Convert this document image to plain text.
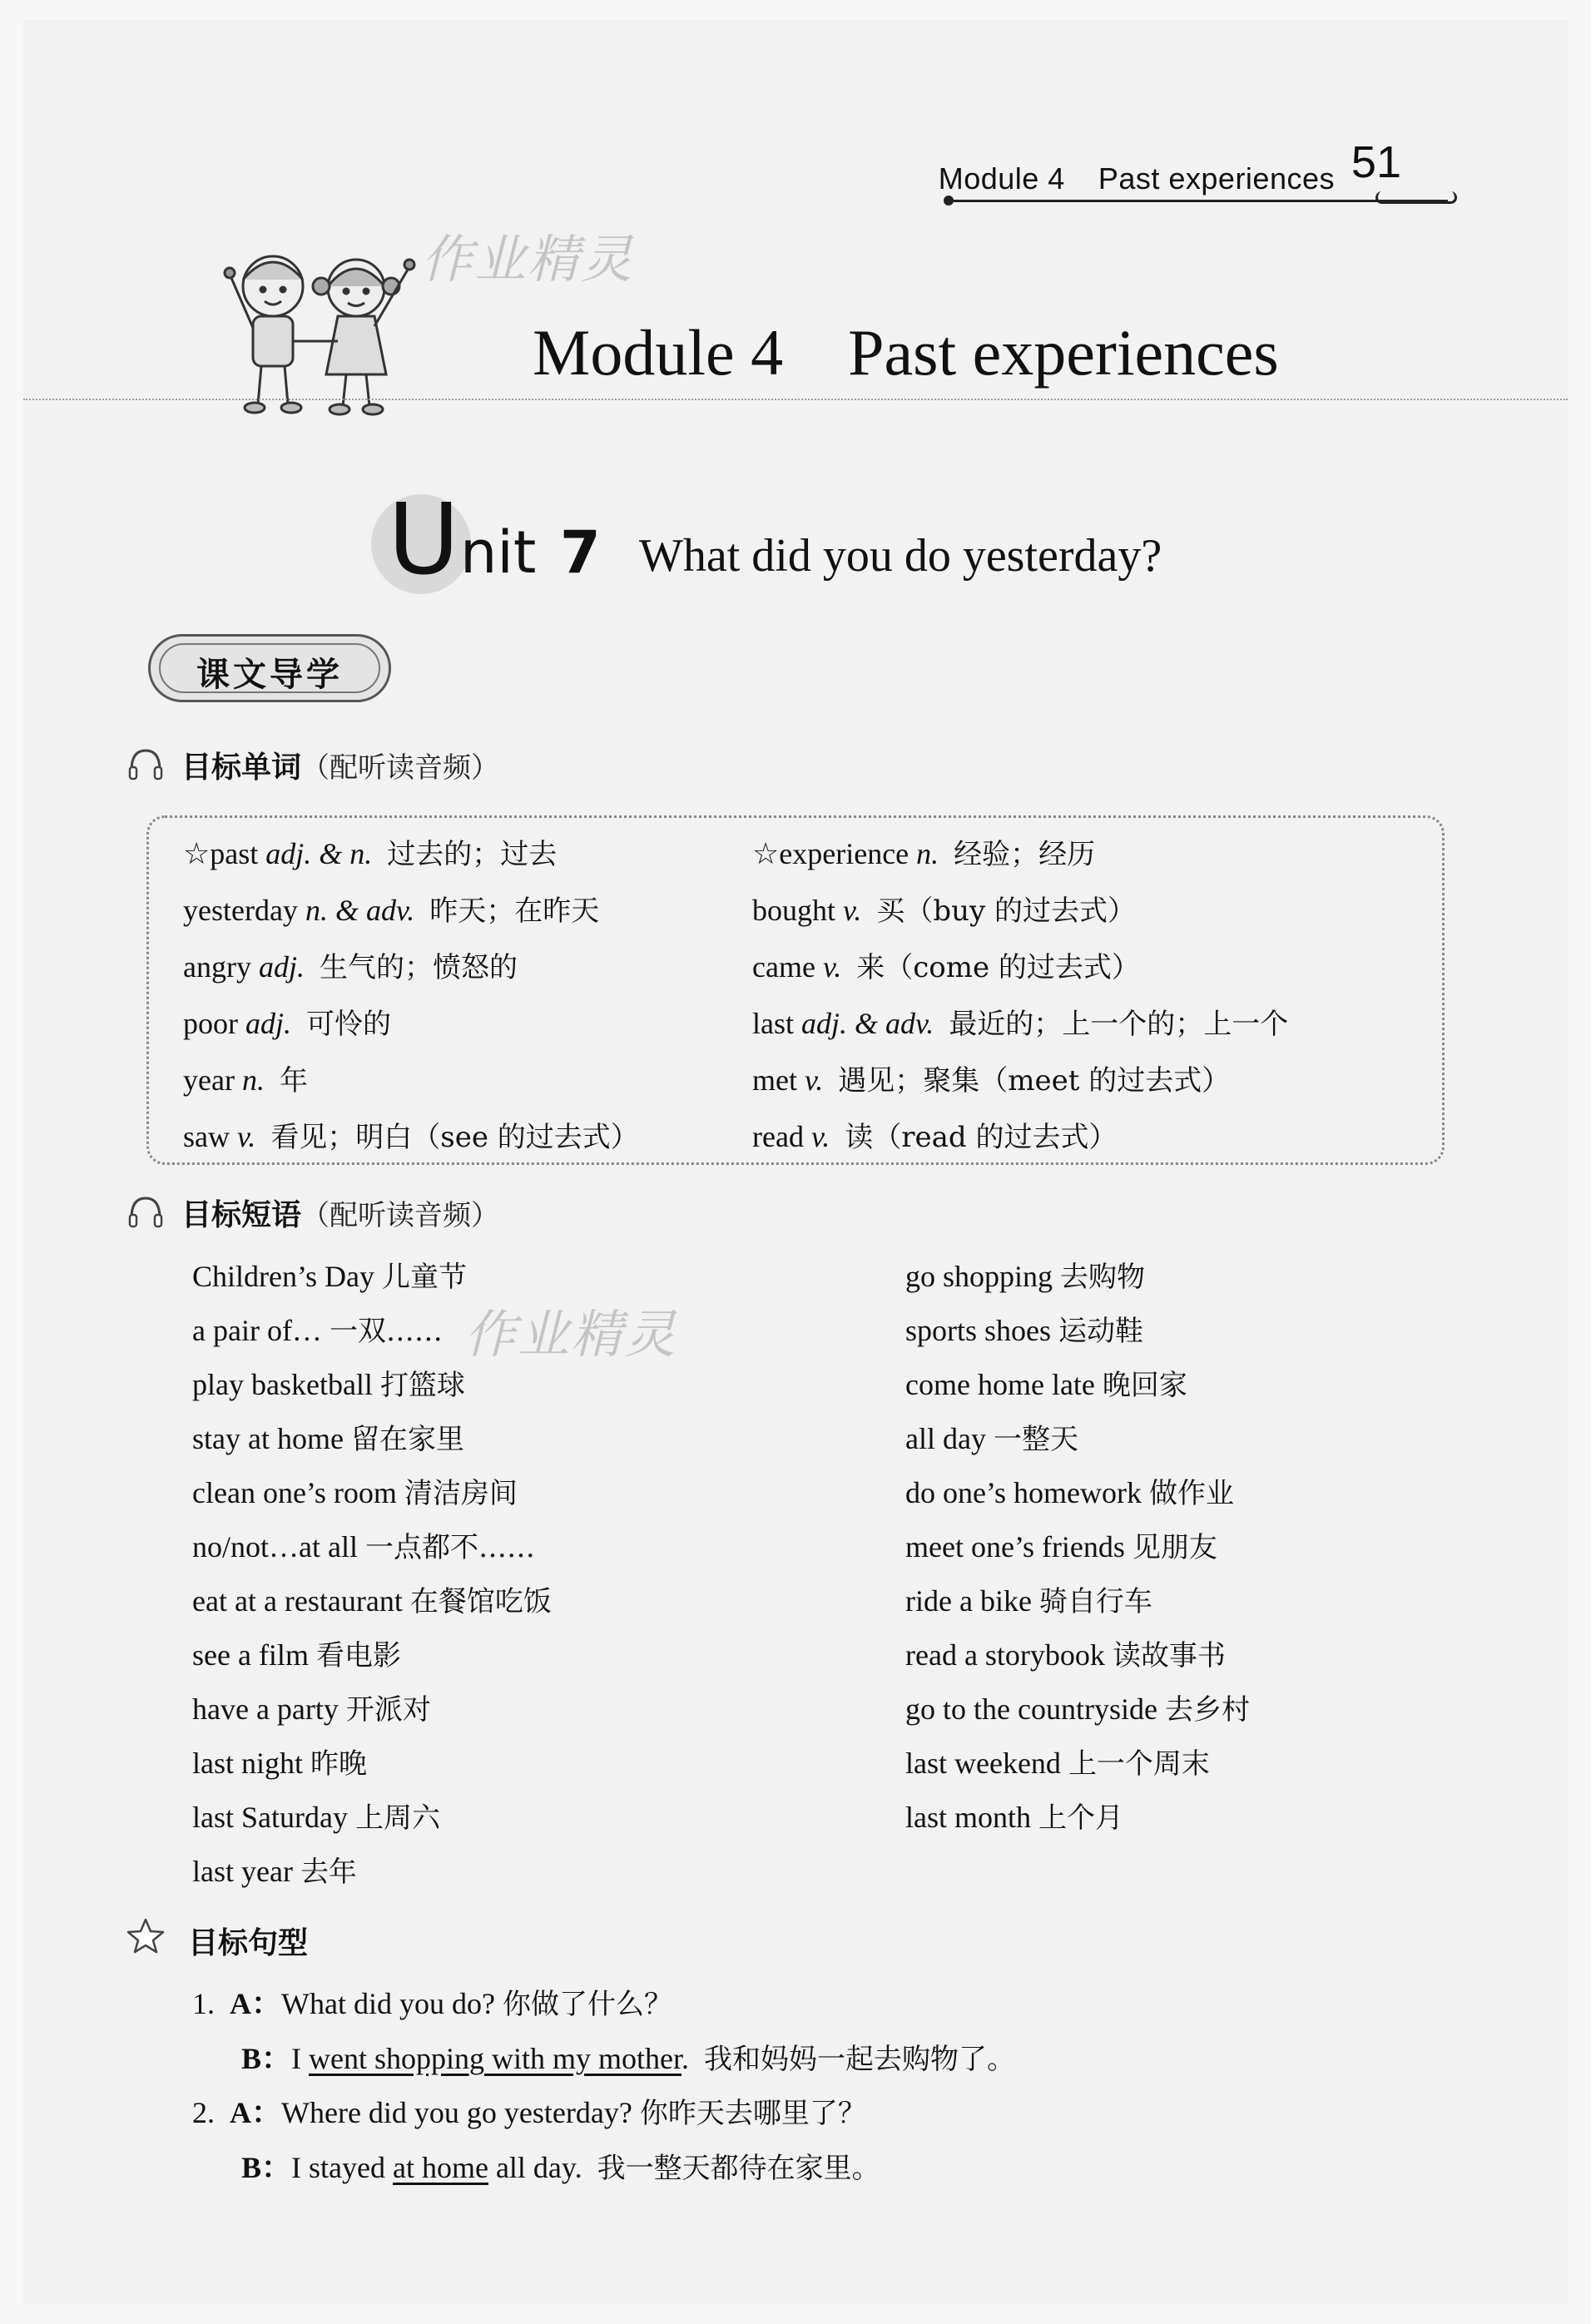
Module 4 Past experiences 51
作业精灵
Module 4    Past experiences
U nit 7 What did you do yesterday?
课文导学
目标单词（配听读音频）
☆past adj. & n. 过去的；过去
yesterday n. & adv. 昨天；在昨天
angry adj. 生气的；愤怒的
poor adj. 可怜的
year n. 年
saw v. 看见；明白（see 的过去式）
☆experience n. 经验；经历
bought v. 买（buy 的过去式）
came v. 来（come 的过去式）
last adj. & adv. 最近的；上一个的；上一个
met v. 遇见；聚集（meet 的过去式）
read v. 读（read 的过去式）
目标短语（配听读音频）
Children’s Day 儿童节
a pair of… 一双……
play basketball 打篮球
stay at home 留在家里
clean one’s room 清洁房间
no/not…at all 一点都不……
eat at a restaurant 在餐馆吃饭
see a film 看电影
have a party 开派对
last night 昨晚
last Saturday 上周六
last year 去年
作业精灵
go shopping 去购物
sports shoes 运动鞋
come home late 晚回家
all day 一整天
do one’s homework 做作业
meet one’s friends 见朋友
ride a bike 骑自行车
read a storybook 读故事书
go to the countryside 去乡村
last weekend 上一个周末
last month 上个月
目标句型
1. A：What did you do? 你做了什么？
B：I went shopping with my mother. 我和妈妈一起去购物了。
2. A：Where did you go yesterday? 你昨天去哪里了？
B：I stayed at home all day. 我一整天都待在家里。
